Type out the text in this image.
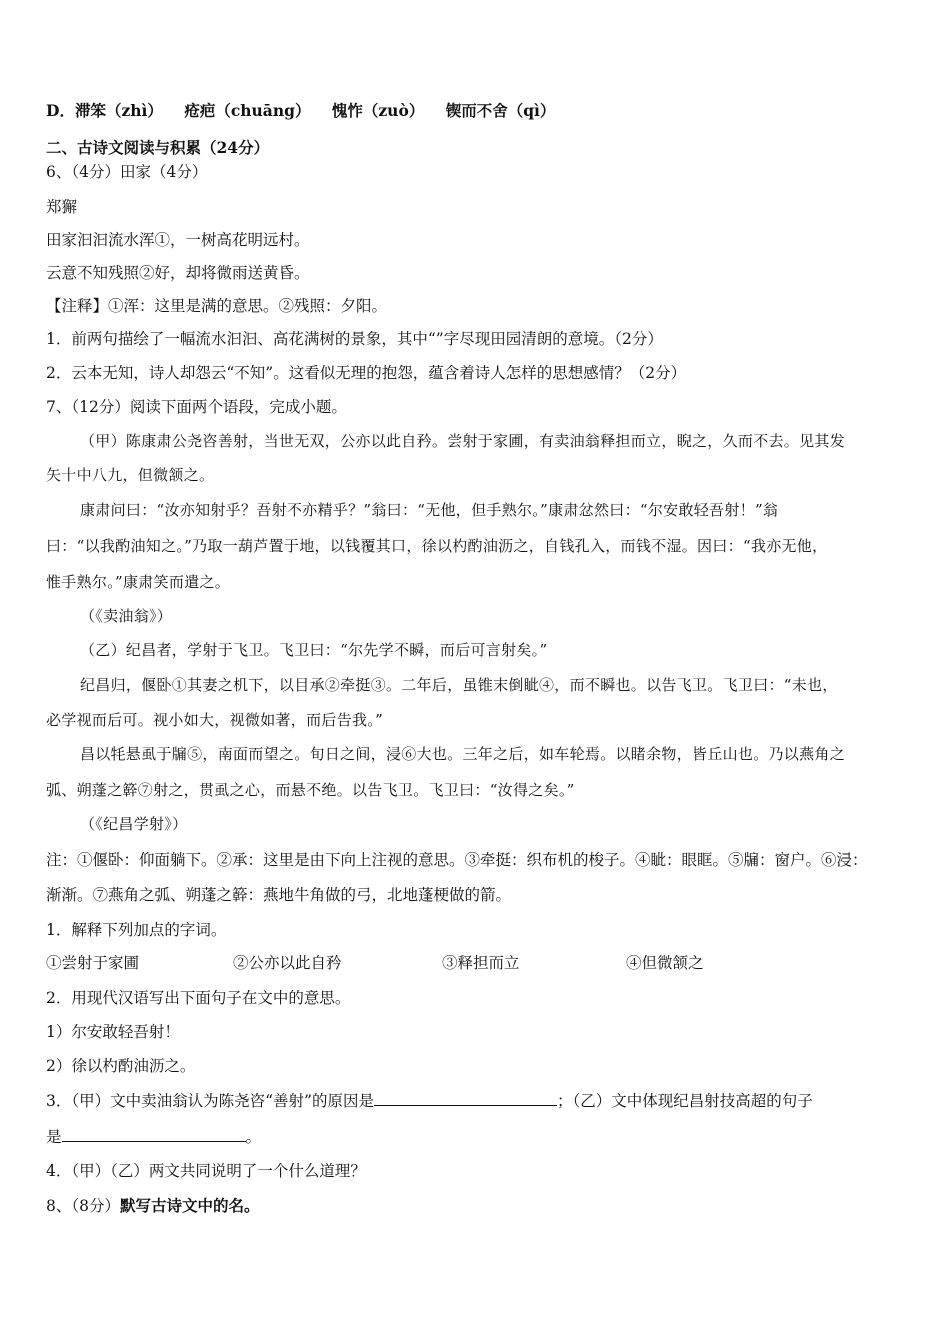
D．滞笨（zhì） 疮疤（chuāng） 愧怍（zuò） 锲而不舍（qì）
二、古诗文阅读与积累（24分）
6、（4分）田家（4分）
郑獬
田家汩汩流水浑①，一树高花明远村。
云意不知残照②好，却将微雨送黄昏。
【注释】①浑：这里是满的意思。②残照：夕阳。
1．前两句描绘了一幅流水汩汩、高花满树的景象，其中“”字尽现田园清朗的意境。（2分）
2．云本无知，诗人却怨云“不知”。这看似无理的抱怨，蕴含着诗人怎样的思想感情？（2分）
7、（12分）阅读下面两个语段，完成小题。
（甲）陈康肃公尧咨善射，当世无双，公亦以此自矜。尝射于家圃，有卖油翁释担而立，睨之，久而不去。见其发
矢十中八九，但微颔之。
康肃问曰：“汝亦知射乎？吾射不亦精乎？”翁曰：“无他，但手熟尔。”康肃忿然曰：“尔安敢轻吾射！”翁
曰：“以我酌油知之。”乃取一葫芦置于地，以钱覆其口，徐以杓酌油沥之，自钱孔入，而钱不湿。因曰：“我亦无他，
惟手熟尔。”康肃笑而遣之。
（《卖油翁》）
（乙）纪昌者，学射于飞卫。飞卫曰：“尔先学不瞬，而后可言射矣。”
纪昌归，偃卧①其妻之机下，以目承②牵挺③。二年后，虽锥末倒眦④，而不瞬也。以告飞卫。飞卫曰：“未也，
必学视而后可。视小如大，视微如著，而后告我。”
昌以牦悬虱于牖⑤，南面而望之。旬日之间，浸⑥大也。三年之后，如车轮焉。以睹余物，皆丘山也。乃以燕角之
弧、朔蓬之簳⑦射之，贯虱之心，而悬不绝。以告飞卫。飞卫曰：“汝得之矣。”
（《纪昌学射》）
注：①偃卧：仰面躺下。②承：这里是由下向上注视的意思。③牵挺：织布机的梭子。④眦：眼眶。⑤牖：窗户。⑥浸：
渐渐。⑦燕角之弧、朔蓬之簳：燕地牛角做的弓，北地蓬梗做的箭。
1．解释下列加点的字词。
①尝射于家圃	②公亦以此自矜	③释担而立	④但微颔之
2．用现代汉语写出下面句子在文中的意思。
1）尔安敢轻吾射！
2）徐以杓酌油沥之。
3．（甲）文中卖油翁认为陈尧咨“善射”的原因是	；（乙）文中体现纪昌射技高超的句子
是	。
4．（甲）（乙）两文共同说明了一个什么道理？
8、（8分）默写古诗文中的名。
